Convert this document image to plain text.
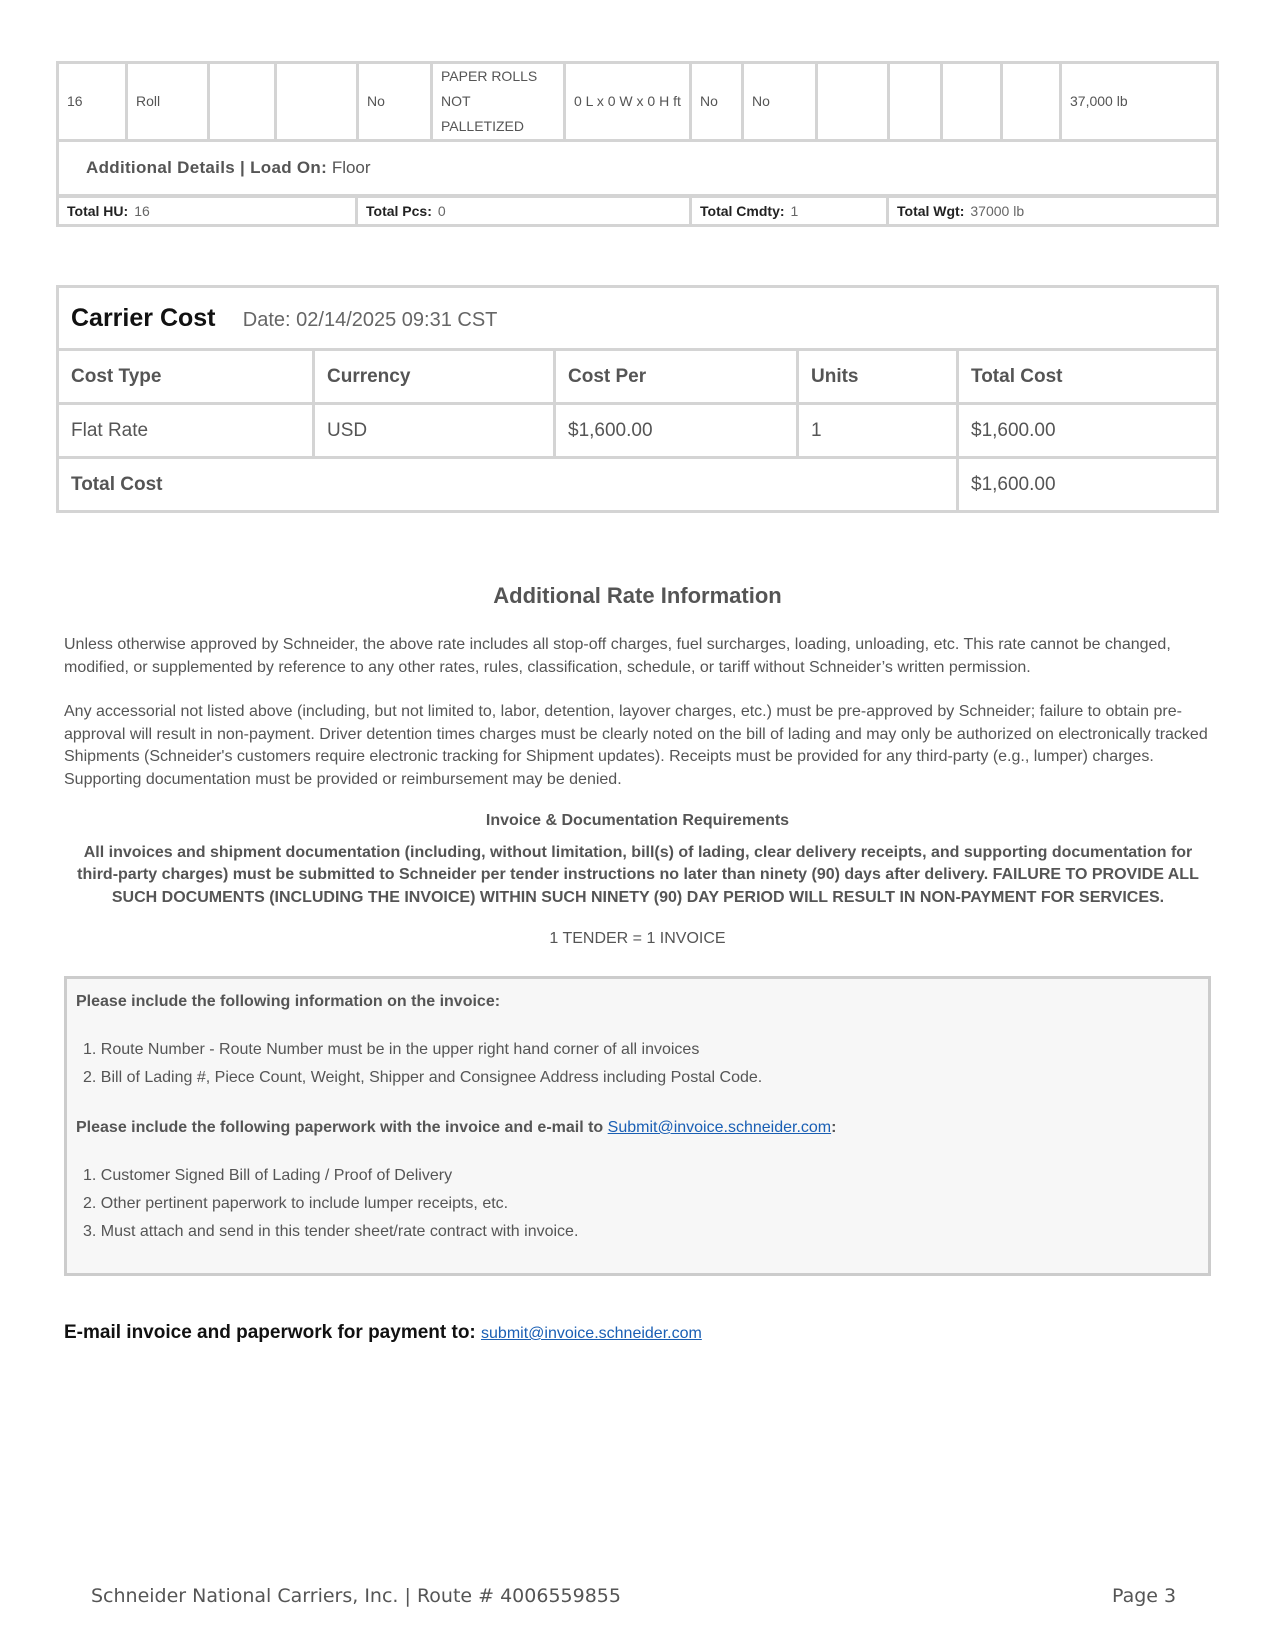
16	Roll			No	PAPER ROLLS NOT PALLETIZED	0 L x 0 W x 0 H ft	No	No					37,000 lb
Additional Details | Load On: Floor
Total HU: 16	Total Pcs: 0	Total Cmdty: 1	Total Wgt: 37000 lb
Carrier Cost Date: 02/14/2025 09:31 CST				
Cost Type	Currency	Cost Per	Units	Total Cost
Flat Rate	USD	$1,600.00	1	$1,600.00
Total Cost				$1,600.00
Additional Rate Information

Unless otherwise approved by Schneider, the above rate includes all stop-off charges, fuel surcharges, loading, unloading, etc. This rate cannot be changed, modified, or supplemented by reference to any other rates, rules, classification, schedule, or tariff without Schneider’s written permission.

Any accessorial not listed above (including, but not limited to, labor, detention, layover charges, etc.) must be pre-approved by Schneider; failure to obtain pre-approval will result in non-payment. Driver detention times charges must be clearly noted on the bill of lading and may only be authorized on electronically tracked Shipments (Schneider's customers require electronic tracking for Shipment updates). Receipts must be provided for any third-party (e.g., lumper) charges. Supporting documentation must be provided or reimbursement may be denied.

Invoice & Documentation Requirements

All invoices and shipment documentation (including, without limitation, bill(s) of lading, clear delivery receipts, and supporting documentation for third-party charges) must be submitted to Schneider per tender instructions no later than ninety (90) days after delivery. FAILURE TO PROVIDE ALL SUCH DOCUMENTS (INCLUDING THE INVOICE) WITHIN SUCH NINETY (90) DAY PERIOD WILL RESULT IN NON-PAYMENT FOR SERVICES.

1 TENDER = 1 INVOICE
Please include the following information on the invoice:
1. Route Number - Route Number must be in the upper right hand corner of all invoices
2. Bill of Lading #, Piece Count, Weight, Shipper and Consignee Address including Postal Code.
Please include the following paperwork with the invoice and e-mail to Submit@invoice.schneider.com:
1. Customer Signed Bill of Lading / Proof of Delivery
2. Other pertinent paperwork to include lumper receipts, etc.
3. Must attach and send in this tender sheet/rate contract with invoice.
E-mail invoice and paperwork for payment to: submit@invoice.schneider.com
Schneider National Carriers, Inc. | Route # 4006559855	Page 3
